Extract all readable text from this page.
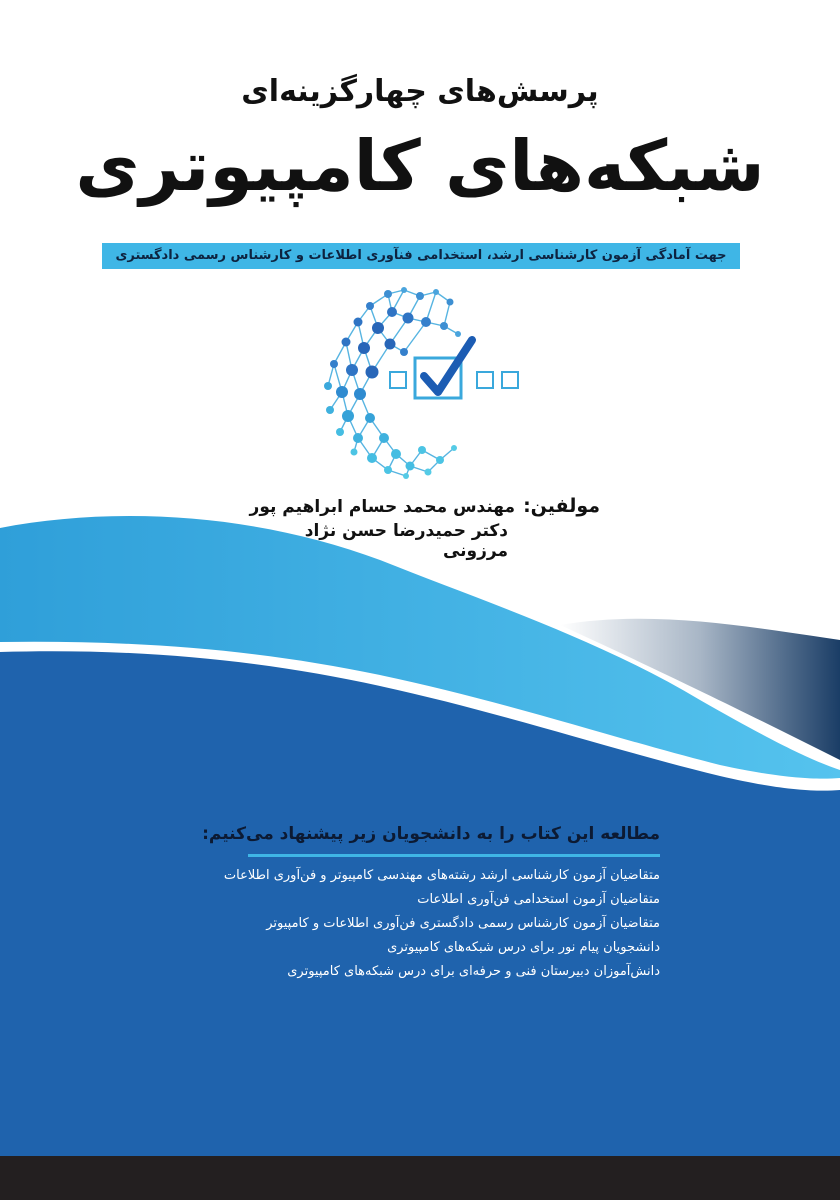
پرسش‌های چهارگزینه‌ای
شبکه‌های کامپیوتری
جهت آمادگی آزمون کارشناسی ارشد، استخدامی فنآوری اطلاعات و کارشناس رسمی دادگستری
مولفین:
مهندس محمد حسام ابراهیم پور
دکتر حمیدرضا حسن نژاد مرزونی
مطالعه این کتاب را به دانشجویان زیر پیشنهاد می‌کنیم:
متقاضیان آزمون کارشناسی ارشد رشته‌های مهندسی کامپیوتر و فن‌آوری اطلاعات
متقاضیان آزمون استخدامی فن‌آوری اطلاعات
متقاضیان آزمون کارشناس رسمی دادگستری فن‌آوری اطلاعات و کامپیوتر
دانشجویان پیام نور برای درس شبکه‌های کامپیوتری
دانش‌آموزان دبیرستان فنی و حرفه‌ای برای درس شبکه‌های کامپیوتری
